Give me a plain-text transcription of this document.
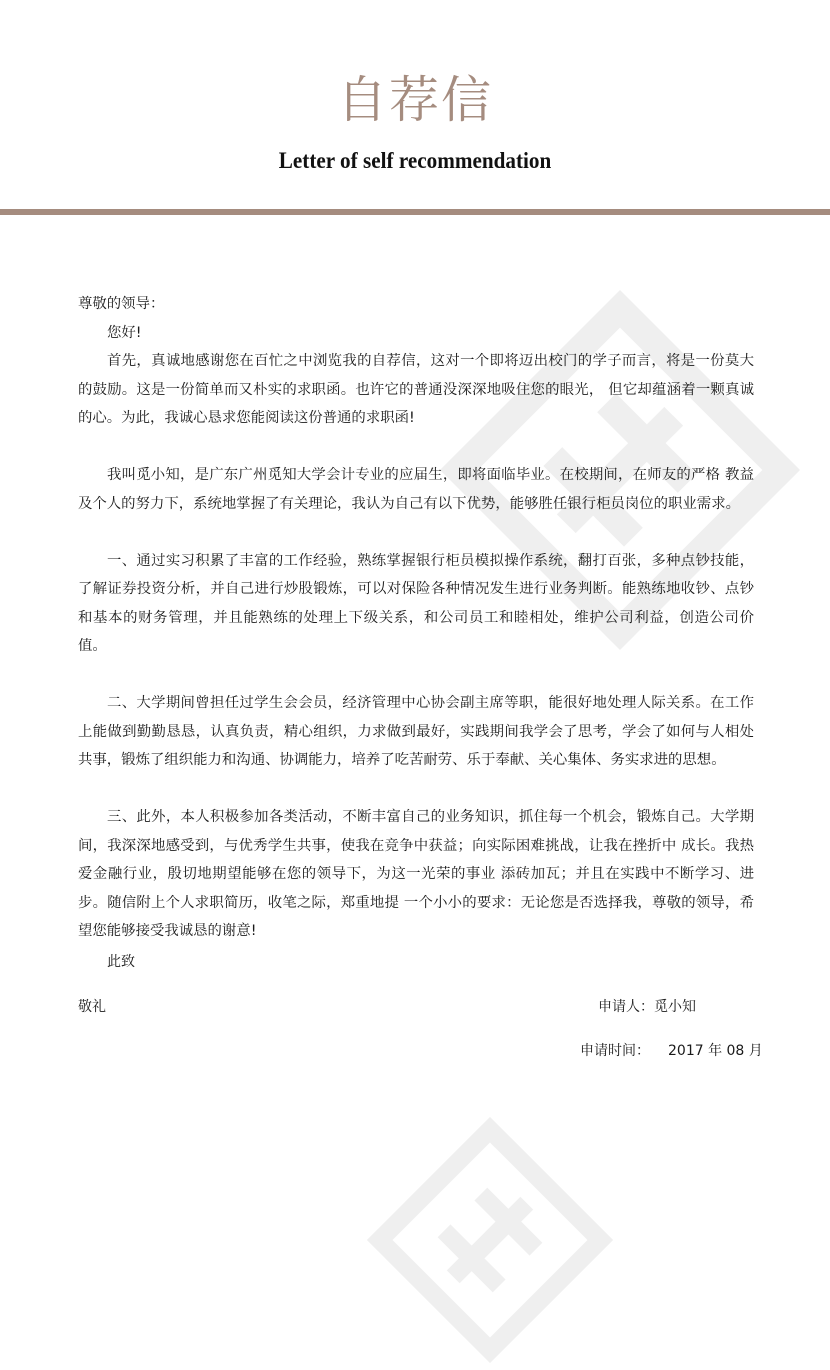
自荐信
Letter of self recommendation

尊敬的领导：

您好!

首先，真诚地感谢您在百忙之中浏览我的自荐信，这对一个即将迈出校门的学子而言，将是一份莫大的鼓励。这是一份简单而又朴实的求职函。也许它的普通没深深地吸住您的眼光， 但它却蕴涵着一颗真诚的心。为此，我诚心恳求您能阅读这份普通的求职函!

我叫觅小知，是广东广州觅知大学会计专业的应届生，即将面临毕业。在校期间，在师友的严格 教益及个人的努力下，系统地掌握了有关理论，我认为自己有以下优势，能够胜任银行柜员岗位的职业需求。

一、通过实习积累了丰富的工作经验，熟练掌握银行柜员模拟操作系统，翻打百张，多种点钞技能，了解证券投资分析，并自己进行炒股锻炼，可以对保险各种情况发生进行业务判断。能熟练地收钞、点钞和基本的财务管理，并且能熟练的处理上下级关系，和公司员工和睦相处，维护公司利益，创造公司价值。

二、大学期间曾担任过学生会会员，经济管理中心协会副主席等职，能很好地处理人际关系。在工作上能做到勤勤恳恳，认真负责，精心组织，力求做到最好，实践期间我学会了思考，学会了如何与人相处共事，锻炼了组织能力和沟通、协调能力，培养了吃苦耐劳、乐于奉献、关心集体、务实求进的思想。

三、此外，本人积极参加各类活动，不断丰富自己的业务知识，抓住每一个机会，锻炼自己。大学期间，我深深地感受到，与优秀学生共事，使我在竞争中获益；向实际困难挑战，让我在挫折中 成长。我热爱金融行业，殷切地期望能够在您的领导下，为这一光荣的事业 添砖加瓦；并且在实践中不断学习、进步。随信附上个人求职简历，收笔之际，郑重地提 一个小小的要求：无论您是否选择我，尊敬的领导，希望您能够接受我诚恳的谢意!

此致
敬礼	申请人：觅小知
申请时间： 2017 年 08 月
